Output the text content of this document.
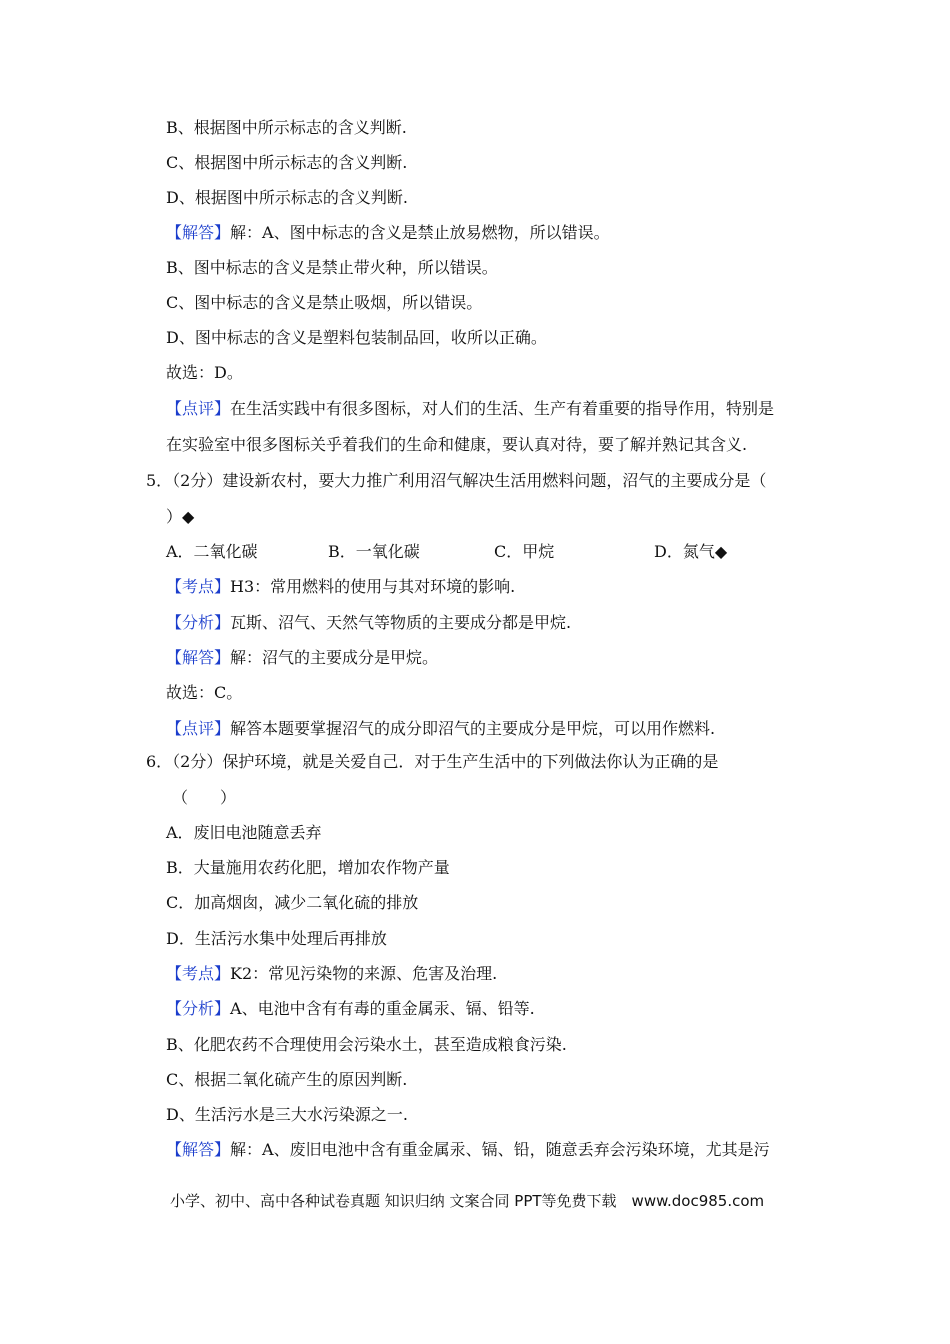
B、根据图中所示标志的含义判断.
C、根据图中所示标志的含义判断.
D、根据图中所示标志的含义判断.
【解答】解：A、图中标志的含义是禁止放易燃物，所以错误。
B、图中标志的含义是禁止带火种，所以错误。
C、图中标志的含义是禁止吸烟，所以错误。
D、图中标志的含义是塑料包装制品回，收所以正确。
故选：D。
【点评】在生活实践中有很多图标，对人们的生活、生产有着重要的指导作用，特别是
在实验室中很多图标关乎着我们的生命和健康，要认真对待，要了解并熟记其含义.
5．（2分）建设新农村，要大力推广利用沼气解决生活用燃料问题，沼气的主要成分是（
）◆
A．二氧化碳	B．一氧化碳	C．甲烷	D．氮气◆
【考点】H3：常用燃料的使用与其对环境的影响.
【分析】瓦斯、沼气、天然气等物质的主要成分都是甲烷.
【解答】解：沼气的主要成分是甲烷。
故选：C。
【点评】解答本题要掌握沼气的成分即沼气的主要成分是甲烷，可以用作燃料.
6．（2分）保护环境，就是关爱自己．对于生产生活中的下列做法你认为正确的是
（　　）
A．废旧电池随意丢弃
B．大量施用农药化肥，增加农作物产量
C．加高烟囱，减少二氧化硫的排放
D．生活污水集中处理后再排放
【考点】K2：常见污染物的来源、危害及治理.
【分析】A、电池中含有有毒的重金属汞、镉、铅等.
B、化肥农药不合理使用会污染水土，甚至造成粮食污染.
C、根据二氧化硫产生的原因判断.
D、生活污水是三大水污染源之一.
【解答】解：A、废旧电池中含有重金属汞、镉、铅，随意丢弃会污染环境，尤其是污
小学、初中、高中各种试卷真题 知识归纳 文案合同 PPT等免费下载　www.doc985.com
